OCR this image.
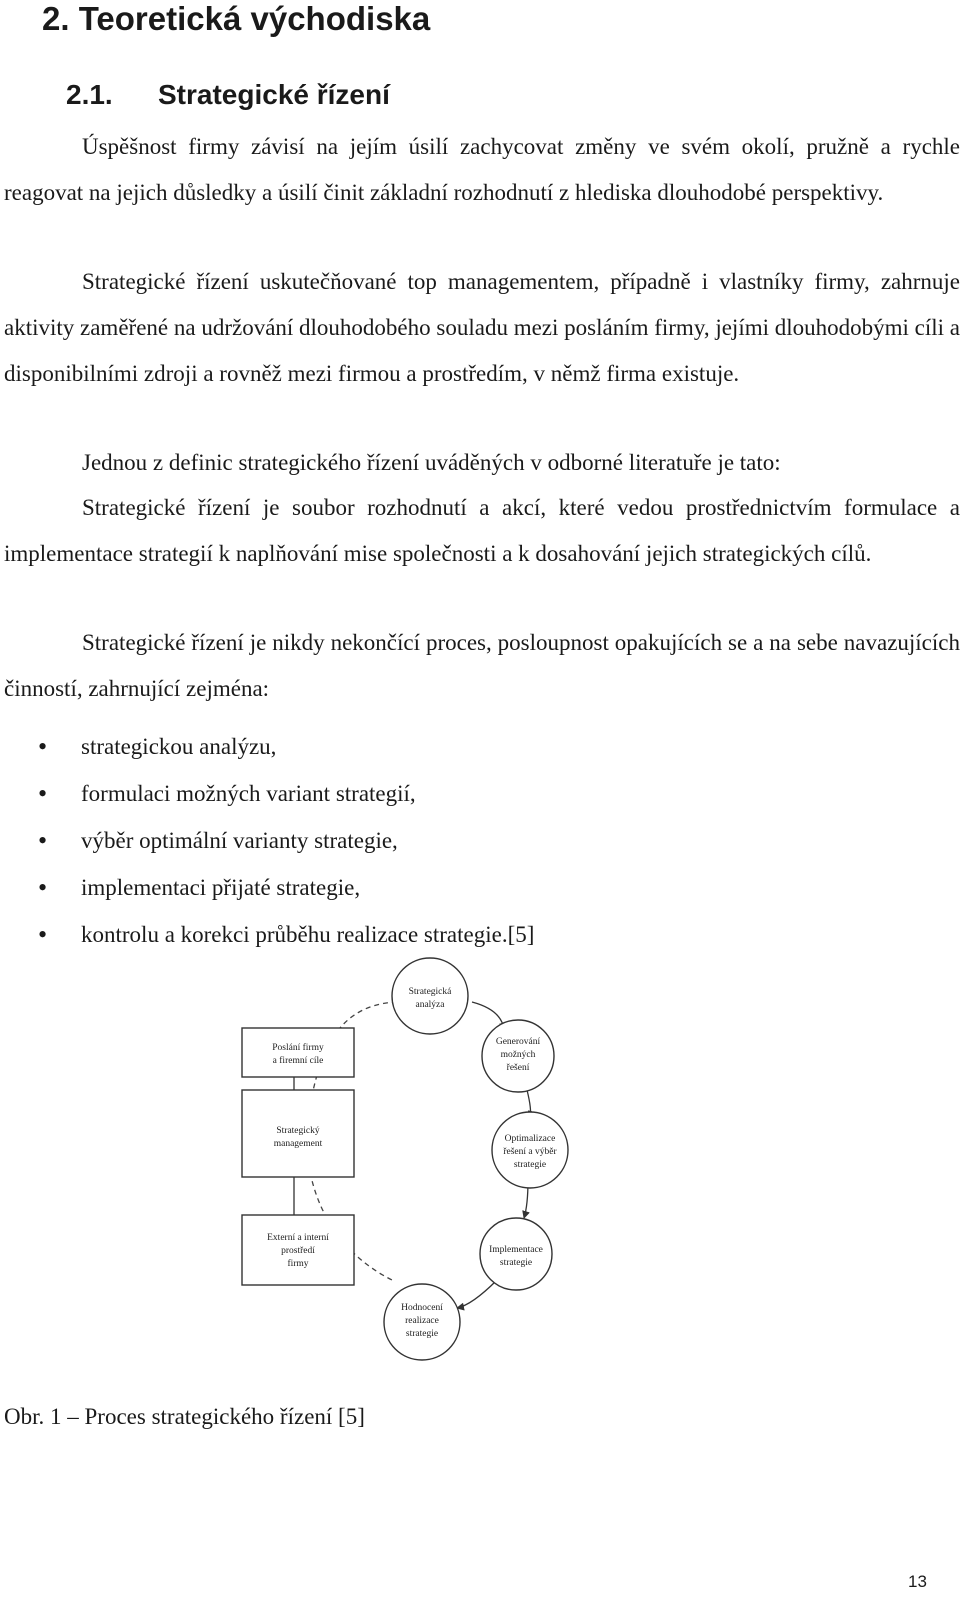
2. Teoretická východiska
2.1. Strategické řízení

Úspěšnost firmy závisí na jejím úsilí zachycovat změny ve svém okolí, pružně a rychle reagovat na jejich důsledky a úsilí činit základní rozhodnutí z hlediska dlouhodobé perspektivy.

Strategické řízení uskutečňované top managementem, případně i vlastníky firmy, zahrnuje aktivity zaměřené na udržování dlouhodobého souladu mezi posláním firmy, jejími dlouhodobými cíli a disponibilními zdroji a rovněž mezi firmou a prostředím, v němž firma existuje.

Jednou z definic strategického řízení uváděných v odborné literatuře je tato:

Strategické řízení je soubor rozhodnutí a akcí, které vedou prostřednictvím formulace a implementace strategií k naplňování mise společnosti a k dosahování jejich strategických cílů.

Strategické řízení je nikdy nekončící proces, posloupnost opakujících se a na sebe navazujících činností, zahrnující zejména:

• strategickou analýzu,
• formulaci možných variant strategií,
• výběr optimální varianty strategie,
• implementaci přijaté strategie,
• kontrolu a korekci průběhu realizace strategie.[5]
Poslání firmy
a firemní cíle
Strategický
management
Externí a interní
prostředí
firmy
Strategická
analýza
Generování
možných
řešení
Optimalizace
řešení a výběr
strategie
Implementace
strategie
Hodnocení
realizace
strategie

Obr. 1 – Proces strategického řízení [5]

13
